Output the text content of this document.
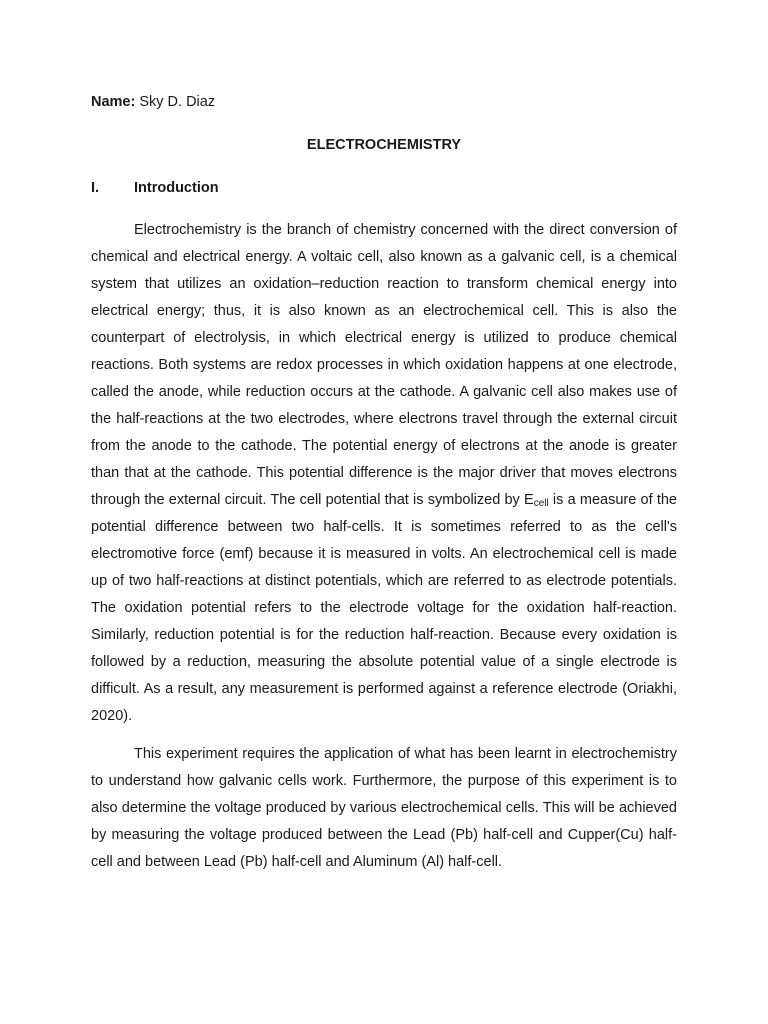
Name: Sky D. Diaz
ELECTROCHEMISTRY
I. Introduction

Electrochemistry is the branch of chemistry concerned with the direct conversion of chemical and electrical energy. A voltaic cell, also known as a galvanic cell, is a chemical system that utilizes an oxidation–reduction reaction to transform chemical energy into electrical energy; thus, it is also known as an electrochemical cell. This is also the counterpart of electrolysis, in which electrical energy is utilized to produce chemical reactions. Both systems are redox processes in which oxidation happens at one electrode, called the anode, while reduction occurs at the cathode. A galvanic cell also makes use of the half-reactions at the two electrodes, where electrons travel through the external circuit from the anode to the cathode. The potential energy of electrons at the anode is greater than that at the cathode. This potential difference is the major driver that moves electrons through the external circuit. The cell potential that is symbolized by $E_{cell}$ is a measure of the potential difference between two half-cells. It is sometimes referred to as the cell's electromotive force (emf) because it is measured in volts. An electrochemical cell is made up of two half-reactions at distinct potentials, which are referred to as electrode potentials. The oxidation potential refers to the electrode voltage for the oxidation half-reaction. Similarly, reduction potential is for the reduction half-reaction. Because every oxidation is followed by a reduction, measuring the absolute potential value of a single electrode is difficult. As a result, any measurement is performed against a reference electrode (Oriakhi, 2020).

This experiment requires the application of what has been learnt in electrochemistry to understand how galvanic cells work. Furthermore, the purpose of this experiment is to also determine the voltage produced by various electrochemical cells. This will be achieved by measuring the voltage produced between the Lead (Pb) half-cell and Cupper(Cu) half-cell and between Lead (Pb) half-cell and Aluminum (Al) half-cell.
